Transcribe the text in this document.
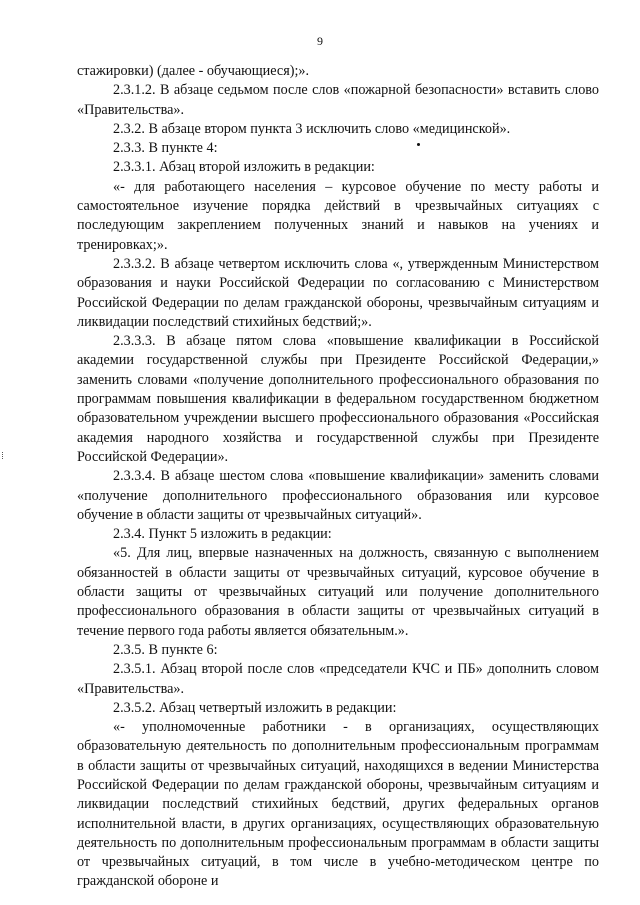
9

стажировки) (далее - обучающиеся);».

2.3.1.2. В абзаце седьмом после слов «пожарной безопасности» вставить слово «Правительства».

2.3.2. В абзаце втором пункта 3 исключить слово «медицинской».

2.3.3. В пункте 4:

2.3.3.1. Абзац второй изложить в редакции:

«- для работающего населения – курсовое обучение по месту работы и самостоятельное изучение порядка действий в чрезвычайных ситуациях с последующим закреплением полученных знаний и навыков на учениях и тренировках;».

2.3.3.2. В абзаце четвертом исключить слова «, утвержденным Министерством образования и науки Российской Федерации по согласованию с Министерством Российской Федерации по делам гражданской обороны, чрезвычайным ситуациям и ликвидации последствий стихийных бедствий;».

2.3.3.3. В абзаце пятом слова «повышение квалификации в Российской академии государственной службы при Президенте Российской Федерации,» заменить словами «получение дополнительного профессионального образования по программам повышения квалификации в федеральном государственном бюджетном образовательном учреждении высшего профессионального образования «Российская академия народного хозяйства и государственной службы при Президенте Российской Федерации».

2.3.3.4. В абзаце шестом слова «повышение квалификации» заменить словами «получение дополнительного профессионального образования или курсовое обучение в области защиты от чрезвычайных ситуаций».

2.3.4. Пункт 5 изложить в редакции:

«5. Для лиц, впервые назначенных на должность, связанную с выполнением обязанностей в области защиты от чрезвычайных ситуаций, курсовое обучение в области защиты от чрезвычайных ситуаций или получение дополнительного профессионального образования в области защиты от чрезвычайных ситуаций в течение первого года работы является обязательным.».

2.3.5. В пункте 6:

2.3.5.1. Абзац второй после слов «председатели КЧС и ПБ» дополнить словом «Правительства».

2.3.5.2. Абзац четвертый изложить в редакции:

«- уполномоченные работники - в организациях, осуществляющих образовательную деятельность по дополнительным профессиональным программам в области защиты от чрезвычайных ситуаций, находящихся в ведении Министерства Российской Федерации по делам гражданской обороны, чрезвычайным ситуациям и ликвидации последствий стихийных бедствий, других федеральных органов исполнительной власти, в других организациях, осуществляющих образовательную деятельность по дополнительным профессиональным программам в области защиты от чрезвычайных ситуаций, в том числе в учебно-методическом центре по гражданской обороне и
